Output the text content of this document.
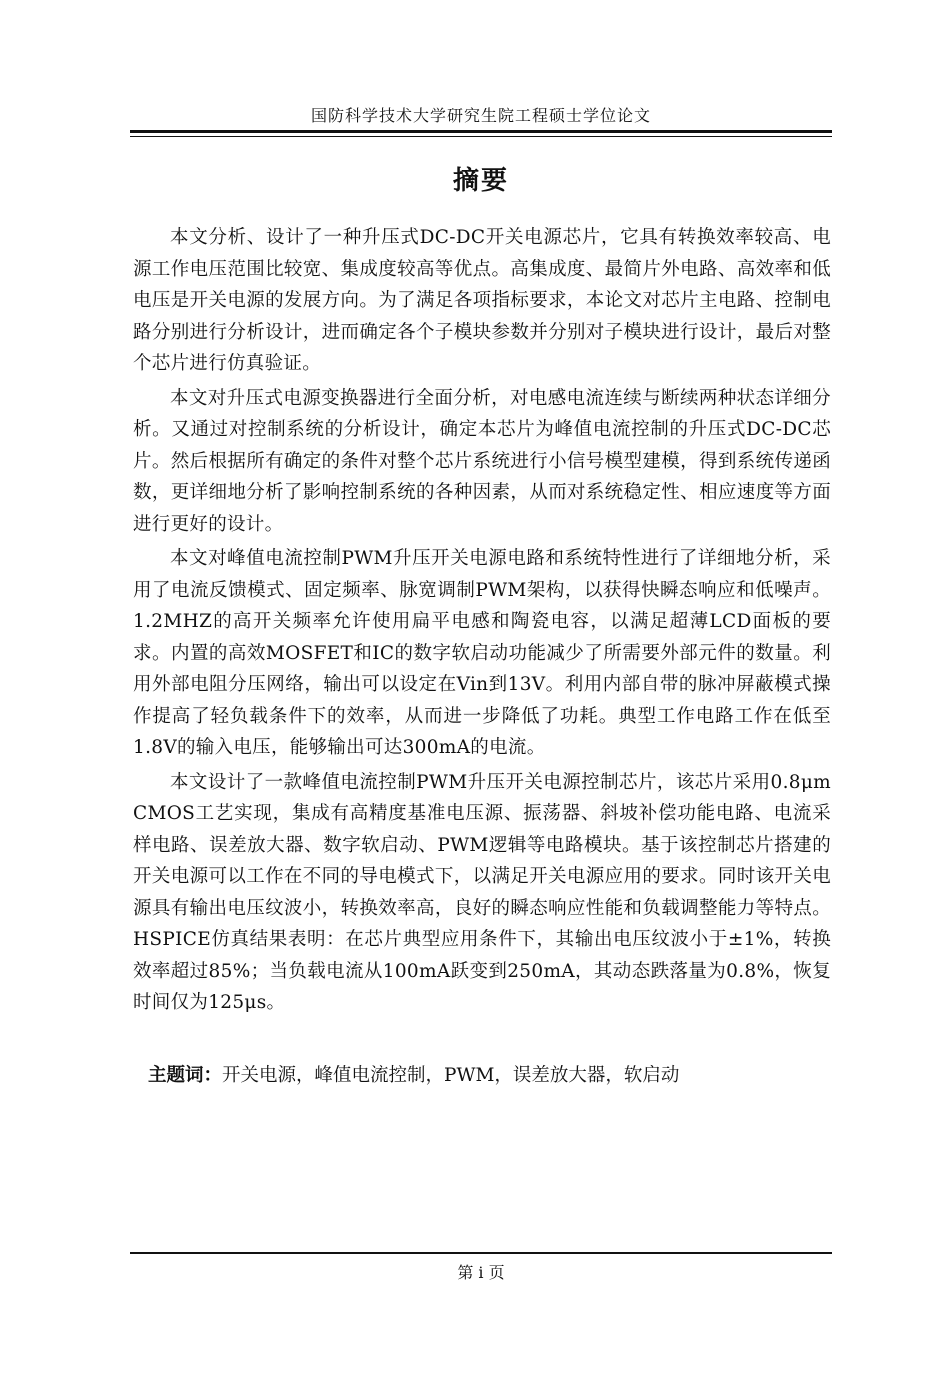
国防科学技术大学研究生院工程硕士学位论文
摘要

本文分析、设计了一种升压式DC-DC开关电源芯片，它具有转换效率较高、电源工作电压范围比较宽、集成度较高等优点。高集成度、最简片外电路、高效率和低电压是开关电源的发展方向。为了满足各项指标要求，本论文对芯片主电路、控制电路分别进行分析设计，进而确定各个子模块参数并分别对子模块进行设计，最后对整个芯片进行仿真验证。

本文对升压式电源变换器进行全面分析，对电感电流连续与断续两种状态详细分析。又通过对控制系统的分析设计，确定本芯片为峰值电流控制的升压式DC-DC芯片。然后根据所有确定的条件对整个芯片系统进行小信号模型建模，得到系统传递函数，更详细地分析了影响控制系统的各种因素，从而对系统稳定性、相应速度等方面进行更好的设计。

本文对峰值电流控制PWM升压开关电源电路和系统特性进行了详细地分析，采用了电流反馈模式、固定频率、脉宽调制PWM架构，以获得快瞬态响应和低噪声。1.2MHZ的高开关频率允许使用扁平电感和陶瓷电容，以满足超薄LCD面板的要求。内置的高效MOSFET和IC的数字软启动功能减少了所需要外部元件的数量。利用外部电阻分压网络，输出可以设定在Vin到13V。利用内部自带的脉冲屏蔽模式操作提高了轻负载条件下的效率，从而进一步降低了功耗。典型工作电路工作在低至1.8V的输入电压，能够输出可达300mA的电流。

本文设计了一款峰值电流控制PWM升压开关电源控制芯片，该芯片采用0.8μm CMOS工艺实现，集成有高精度基准电压源、振荡器、斜坡补偿功能电路、电流采样电路、误差放大器、数字软启动、PWM逻辑等电路模块。基于该控制芯片搭建的开关电源可以工作在不同的导电模式下，以满足开关电源应用的要求。同时该开关电源具有输出电压纹波小，转换效率高，良好的瞬态响应性能和负载调整能力等特点。HSPICE仿真结果表明：在芯片典型应用条件下，其输出电压纹波小于±1%，转换效率超过85%；当负载电流从100mA跃变到250mA，其动态跌落量为0.8%，恢复时间仅为125μs。

主题词：开关电源，峰值电流控制，PWM，误差放大器，软启动
第 i 页
